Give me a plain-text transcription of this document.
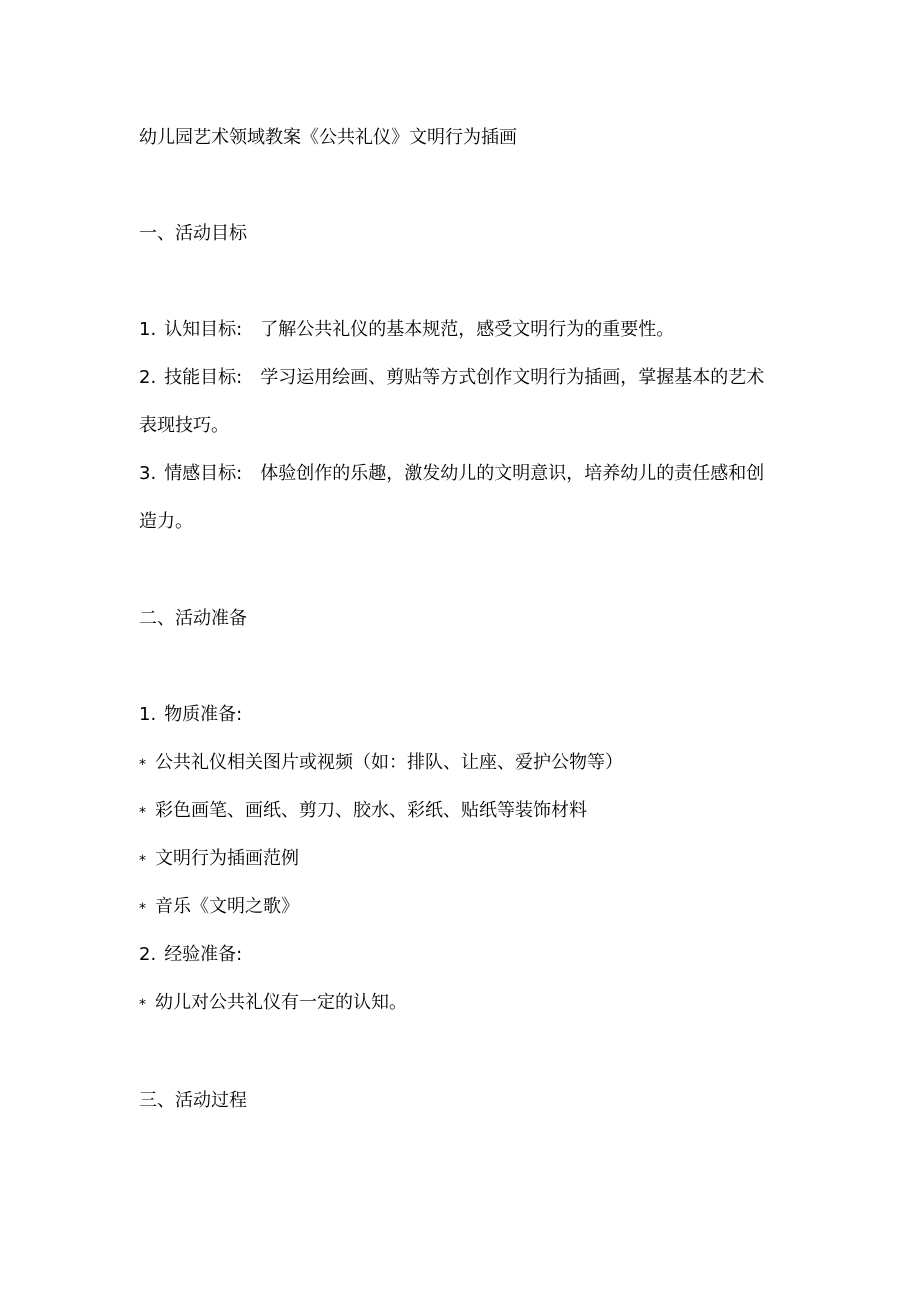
幼儿园艺术领域教案《公共礼仪》文明行为插画
一、活动目标
1. 认知目标: 了解公共礼仪的基本规范，感受文明行为的重要性。
2. 技能目标: 学习运用绘画、剪贴等方式创作文明行为插画，掌握基本的艺术
表现技巧。
3. 情感目标: 体验创作的乐趣，激发幼儿的文明意识，培养幼儿的责任感和创
造力。
二、活动准备
1. 物质准备:
* 公共礼仪相关图片或视频（如：排队、让座、爱护公物等）
* 彩色画笔、画纸、剪刀、胶水、彩纸、贴纸等装饰材料
* 文明行为插画范例
* 音乐《文明之歌》
2. 经验准备:
* 幼儿对公共礼仪有一定的认知。
三、活动过程
